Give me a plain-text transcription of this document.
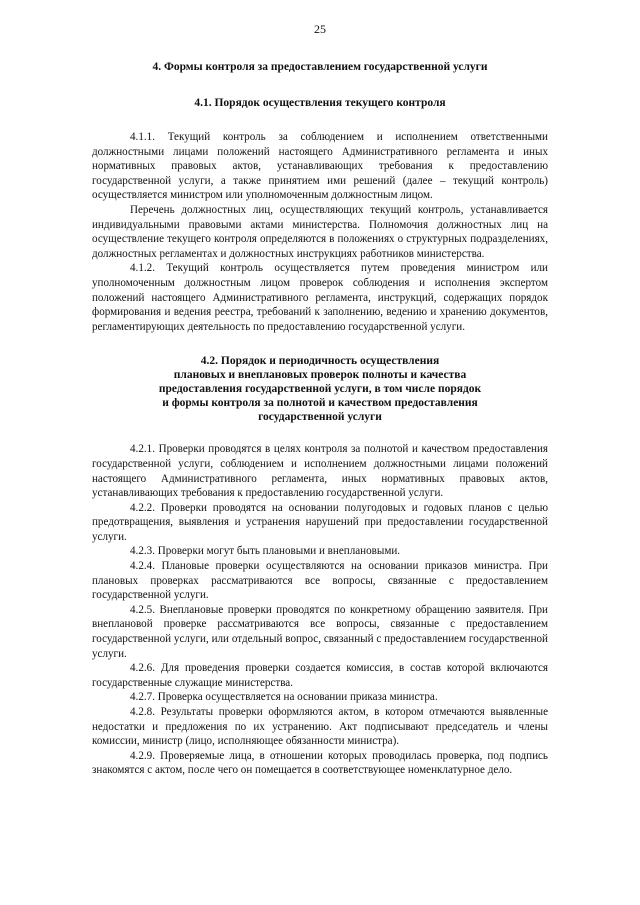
25
4. Формы контроля за предоставлением государственной услуги
4.1. Порядок осуществления текущего контроля

4.1.1. Текущий контроль за соблюдением и исполнением ответственными должностными лицами положений настоящего Административного регламента и иных нормативных правовых актов, устанавливающих требования к предоставлению государственной услуги, а также принятием ими решений (далее – текущий контроль) осуществляется министром или уполномоченным должностным лицом.

Перечень должностных лиц, осуществляющих текущий контроль, устанавливается индивидуальными правовыми актами министерства. Полномочия должностных лиц на осуществление текущего контроля определяются в положениях о структурных подразделениях, должностных регламентах и должностных инструкциях работников министерства.

4.1.2. Текущий контроль осуществляется путем проведения министром или уполномоченным должностным лицом проверок соблюдения и исполнения экспертом положений настоящего Административного регламента, инструкций, содержащих порядок формирования и ведения реестра, требований к заполнению, ведению и хранению документов, регламентирующих деятельность по предоставлению государственной услуги.

4.2. Порядок и периодичность осуществления
плановых и внеплановых проверок полноты и качества
предоставления государственной услуги, в том числе порядок
и формы контроля за полнотой и качеством предоставления
государственной услуги

4.2.1. Проверки проводятся в целях контроля за полнотой и качеством предоставления государственной услуги, соблюдением и исполнением должностными лицами положений настоящего Административного регламента, иных нормативных правовых актов, устанавливающих требования к предоставлению государственной услуги.

4.2.2. Проверки проводятся на основании полугодовых и годовых планов с целью предотвращения, выявления и устранения нарушений при предоставлении государственной услуги.

4.2.3. Проверки могут быть плановыми и внеплановыми.

4.2.4. Плановые проверки осуществляются на основании приказов министра. При плановых проверках рассматриваются все вопросы, связанные с предоставлением государственной услуги.

4.2.5. Внеплановые проверки проводятся по конкретному обращению заявителя. При внеплановой проверке рассматриваются все вопросы, связанные с предоставлением государственной услуги, или отдельный вопрос, связанный с предоставлением государственной услуги.

4.2.6. Для проведения проверки создается комиссия, в состав которой включаются государственные служащие министерства.

4.2.7. Проверка осуществляется на основании приказа министра.

4.2.8. Результаты проверки оформляются актом, в котором отмечаются выявленные недостатки и предложения по их устранению. Акт подписывают председатель и члены комиссии, министр (лицо, исполняющее обязанности министра).

4.2.9. Проверяемые лица, в отношении которых проводилась проверка, под подпись знакомятся с актом, после чего он помещается в соответствующее номенклатурное дело.
